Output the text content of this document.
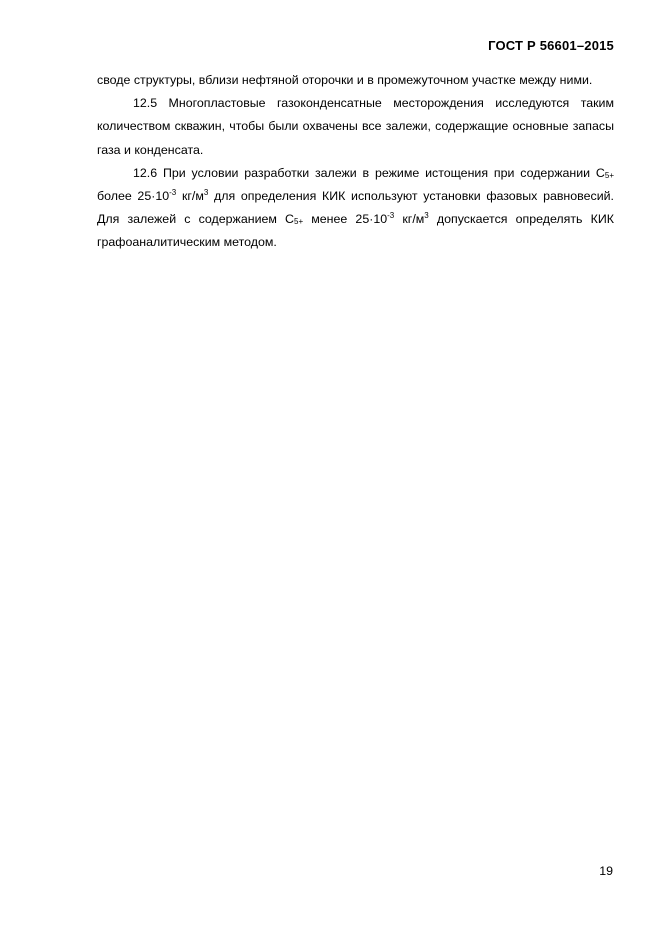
ГОСТ Р 56601–2015

своде структуры, вблизи нефтяной оторочки и в промежуточном участке между ними.

12.5 Многопластовые газоконденсатные месторождения исследуются таким количеством скважин, чтобы были охвачены все залежи, содержащие основные запасы газа и конденсата.

12.6 При условии разработки залежи в режиме истощения при содержании $С_{5+}$ более $25\cdot 10^{-3}$ $кг/м^3$ для определения КИК используют установки фазовых равновесий. Для залежей с содержанием $С_{5+}$ менее $25\cdot 10^{-3}$ $кг/м^3$ допускается определять КИК графоаналитическим методом.

19
